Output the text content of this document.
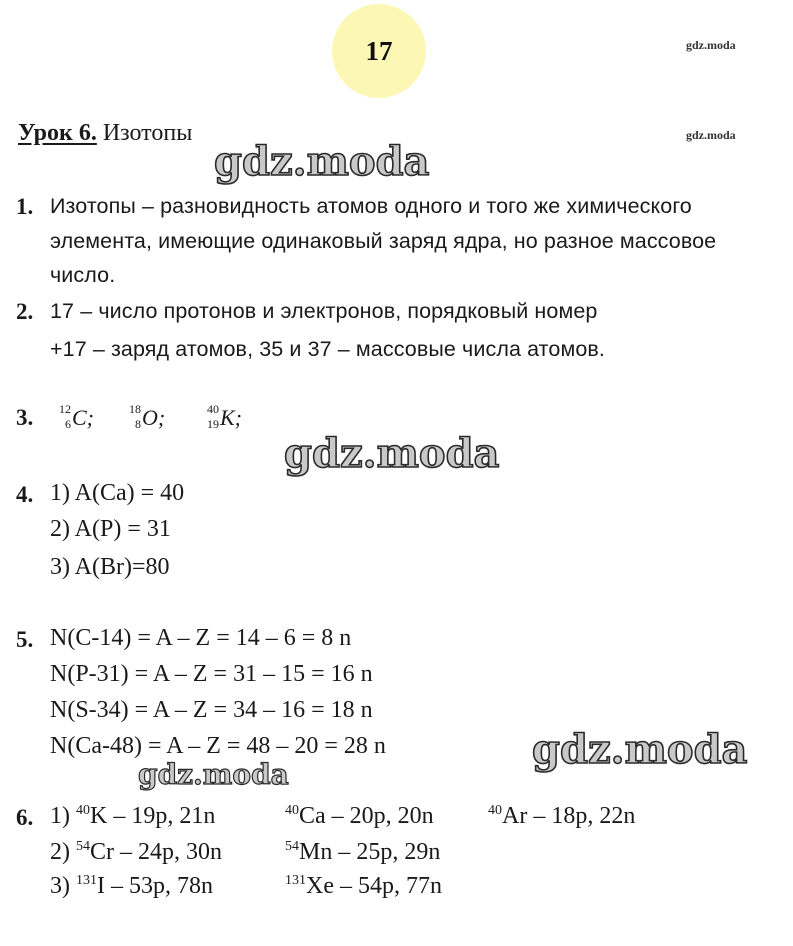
17	gdz.moda
gdz.moda
Урок 6. Изотопы
gdz.moda
gdz.moda
gdz.moda
gdz.moda
1. Изотопы – разновидность атомов одного и того же химического
элемента, имеющие одинаковый заряд ядра, но разное массовое
число.
2. 17 – число протонов и электронов, порядковый номер
+17 – заряд атомов, 35 и 37 – массовые числа атомов.
3. 12
6 C;	18
8 O;	40
19 K;
4. 1) A(Ca) = 40
2) A(P) = 31
3) A(Br)=80
5. N(C-14) = A – Z = 14 – 6 = 8 n
N(P-31) = A – Z = 31 – 15 = 16 n
N(S-34) = A – Z = 34 – 16 = 18 n
N(Ca-48) = A – Z = 48 – 20 = 28 n
6. 1) $^{40}$K – 19p, 21n	$^{40}$Ca – 20p, 20n	$^{40}$Ar – 18p, 22n
2) $^{54}$Cr – 24p, 30n	$^{54}$Mn – 25p, 29n
3) $^{131}$I – 53p, 78n	$^{131}$Xe – 54p, 77n
